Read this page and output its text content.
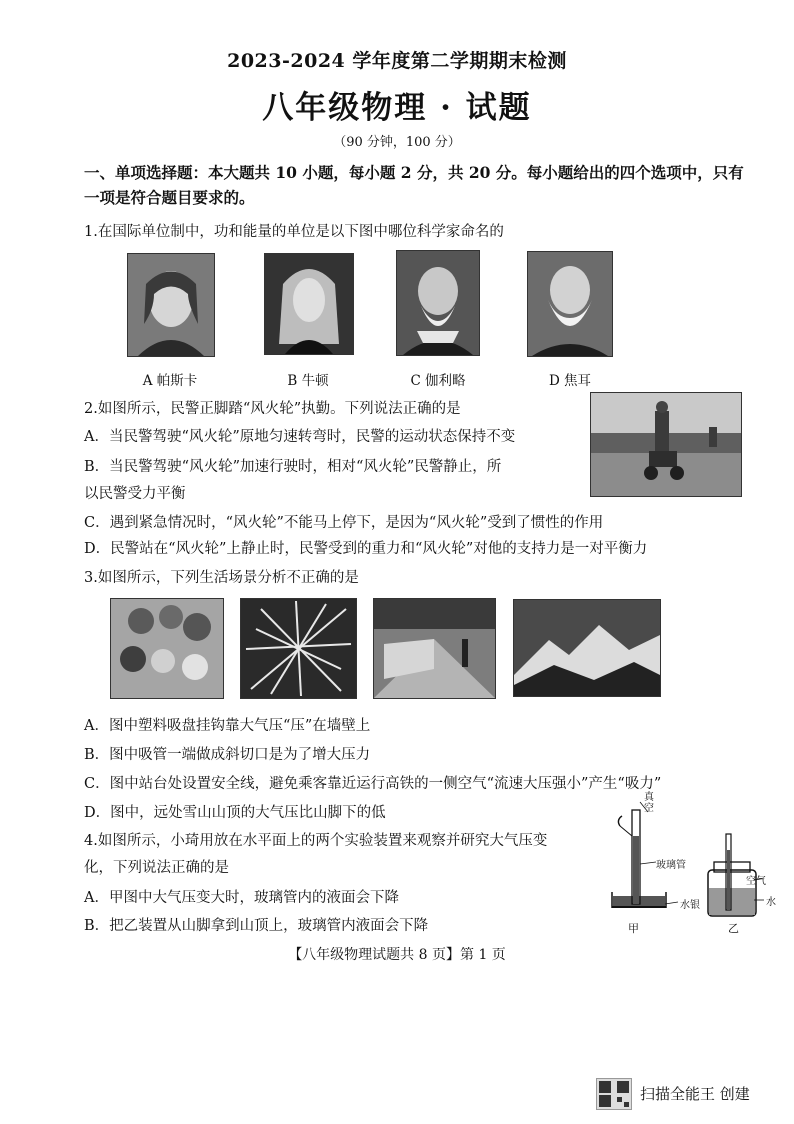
2023-2024 学年度第二学期期末检测
八年级物理 · 试题
（90 分钟，100 分）
一、单项选择题：本大题共 10 小题，每小题 2 分，共 20 分。每小题给出的四个选项中，只有一项是符合题目要求的。
1.在国际单位制中，功和能量的单位是以下图中哪位科学家命名的
A 帕斯卡	B 牛顿	C 伽利略	D 焦耳
2.如图所示，民警正脚踏“风火轮”执勤。下列说法正确的是
A．当民警驾驶“风火轮”原地匀速转弯时，民警的运动状态保持不变
B．当民警驾驶“风火轮”加速行驶时，相对“风火轮”民警静止，所
以民警受力平衡
C．遇到紧急情况时，“风火轮”不能马上停下，是因为“风火轮”受到了惯性的作用
D．民警站在“风火轮”上静止时，民警受到的重力和“风火轮”对他的支持力是一对平衡力
3.如图所示，下列生活场景分析不正确的是
A．图中塑料吸盘挂钩靠大气压“压”在墙壁上
B．图中吸管一端做成斜切口是为了增大压力
C．图中站台处设置安全线，避免乘客靠近运行高铁的一侧空气“流速大压强小”产生“吸力”
D．图中，远处雪山山顶的大气压比山脚下的低
4.如图所示，小琦用放在水平面上的两个实验装置来观察并研究大气压变
化，下列说法正确的是
A．甲图中大气压变大时，玻璃管内的液面会下降
B．把乙装置从山脚拿到山顶上，玻璃管内液面会下降
真空
玻璃管
水银
空气
水
甲	乙
【八年级物理试题共 8 页】第 1 页
扫描全能王 创建
